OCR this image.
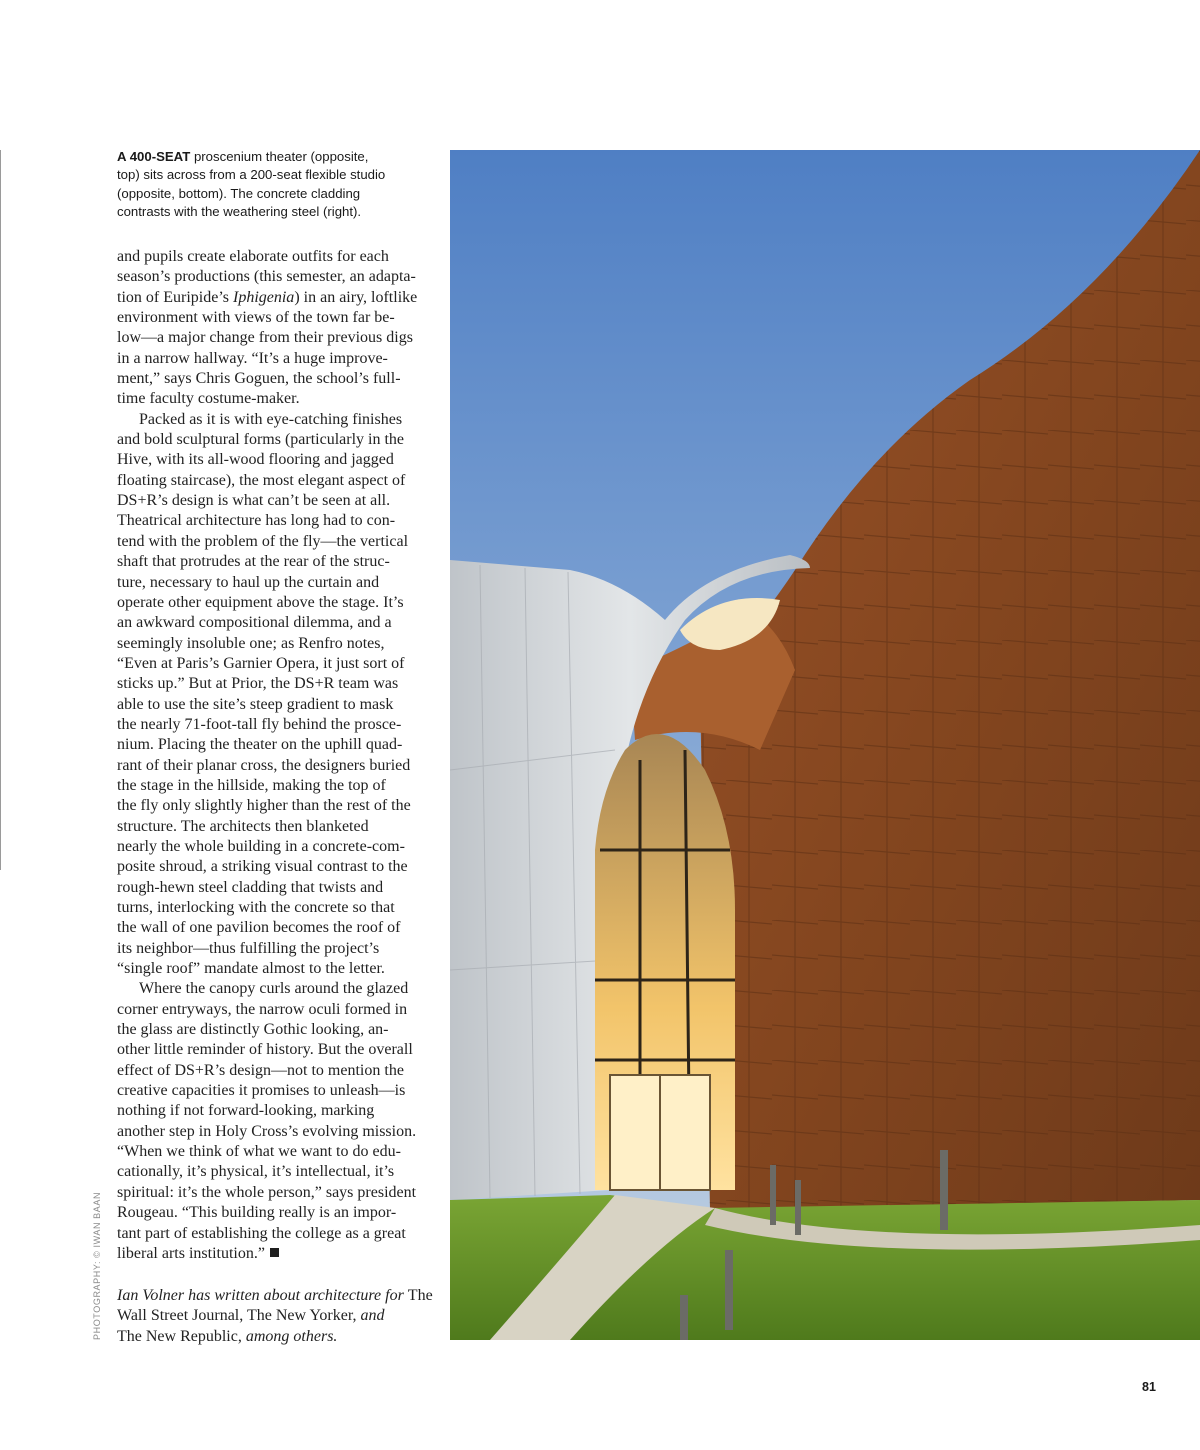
A 400-SEAT proscenium theater (opposite,
top) sits across from a 200-seat flexible studio
(opposite, bottom). The concrete cladding
contrasts with the weathering steel (right).

and pupils create elaborate outfits for each
season’s productions (this semester, an adapta-
tion of Euripide’s Iphigenia) in an airy, loftlike
environment with views of the town far be-
low—a major change from their previous digs
in a narrow hallway. “It’s a huge improve-
ment,” says Chris Goguen, the school’s full-
time faculty costume-maker.

Packed as it is with eye-catching finishes
and bold sculptural forms (particularly in the
Hive, with its all-wood flooring and jagged
floating staircase), the most elegant aspect of
DS+R’s design is what can’t be seen at all.
Theatrical architecture has long had to con-
tend with the problem of the fly—the vertical
shaft that protrudes at the rear of the struc-
ture, necessary to haul up the curtain and
operate other equipment above the stage. It’s
an awkward compositional dilemma, and a
seemingly insoluble one; as Renfro notes,
“Even at Paris’s Garnier Opera, it just sort of
sticks up.” But at Prior, the DS+R team was
able to use the site’s steep gradient to mask
the nearly 71-foot-tall fly behind the prosce-
nium. Placing the theater on the uphill quad-
rant of their planar cross, the designers buried
the stage in the hillside, making the top of
the fly only slightly higher than the rest of the
structure. The architects then blanketed
nearly the whole building in a concrete-com-
posite shroud, a striking visual contrast to the
rough-hewn steel cladding that twists and
turns, interlocking with the concrete so that
the wall of one pavilion becomes the roof of
its neighbor—thus fulfilling the project’s
“single roof” mandate almost to the letter.

Where the canopy curls around the glazed
corner entryways, the narrow oculi formed in
the glass are distinctly Gothic looking, an-
other little reminder of history. But the overall
effect of DS+R’s design—not to mention the
creative capacities it promises to unleash—is
nothing if not forward-looking, marking
another step in Holy Cross’s evolving mission.
“When we think of what we want to do edu-
cationally, it’s physical, it’s intellectual, it’s
spiritual: it’s the whole person,” says president
Rougeau. “This building really is an impor-
tant part of establishing the college as a great
liberal arts institution.”

Ian Volner has written about architecture for The
Wall Street Journal, The New Yorker, and
The New Republic, among others.
PHOTOGRAPHY: © IWAN BAAN
81
